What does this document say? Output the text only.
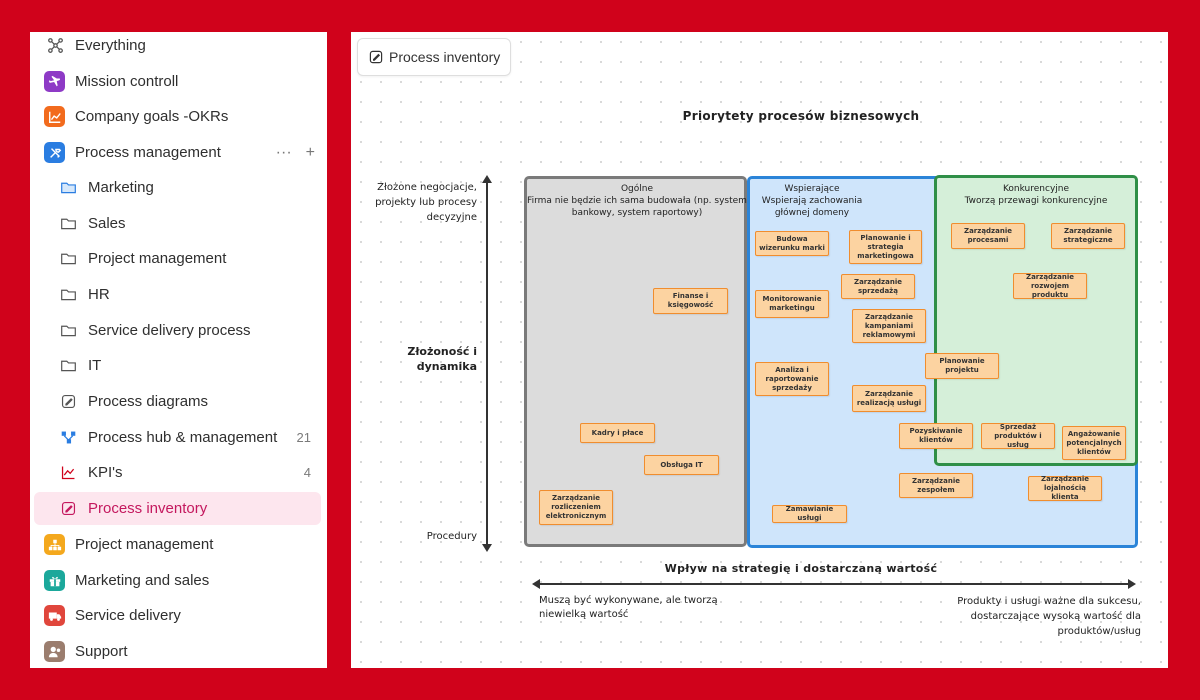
Everything
Mission controll
Company goals -OKRs
Process management	··· +
Marketing
Sales
Project management
HR
Service delivery process
IT
Process diagrams
Process hub & management 21
KPI's	4
Process inventory
Project management
Marketing and sales
Service delivery
Support
Process inventory
Priorytety procesów biznesowych
Złożone negocjacje, projekty lub procesy decyzyjne
Złożoność i dynamika
Procedury
Ogólne
Firma nie będzie ich sama budowała (np. system bankowy, system raportowy)
Wspierające
Wspierają zachowania głównej domeny
Konkurencyjne
Tworzą przewagi konkurencyjne
Finanse i księgowość
Kadry i płace
Obsługa IT
Zarządzanie rozliczeniem elektronicznym
Budowa wizerunku marki
Planowanie i strategia marketingowa
Zarządzanie sprzedażą
Monitorowanie marketingu
Zarządzanie kampaniami reklamowymi
Planowanie projektu
Analiza i raportowanie sprzedaży
Zarządzanie realizacją usługi
Pozyskiwanie klientów
Sprzedaż produktów i usług
Zarządzanie zespołem
Zamawianie usługi
Zarządzanie lojalnością klienta
Zarządzanie procesami
Zarządzanie strategiczne
Zarządzanie rozwojem produktu
Angażowanie potencjalnych klientów
Wpływ na strategię i dostarczaną wartość
Muszą być wykonywane, ale tworzą niewielką wartość
Produkty i usługi ważne dla sukcesu, dostarczające wysoką wartość dla produktów/usług
